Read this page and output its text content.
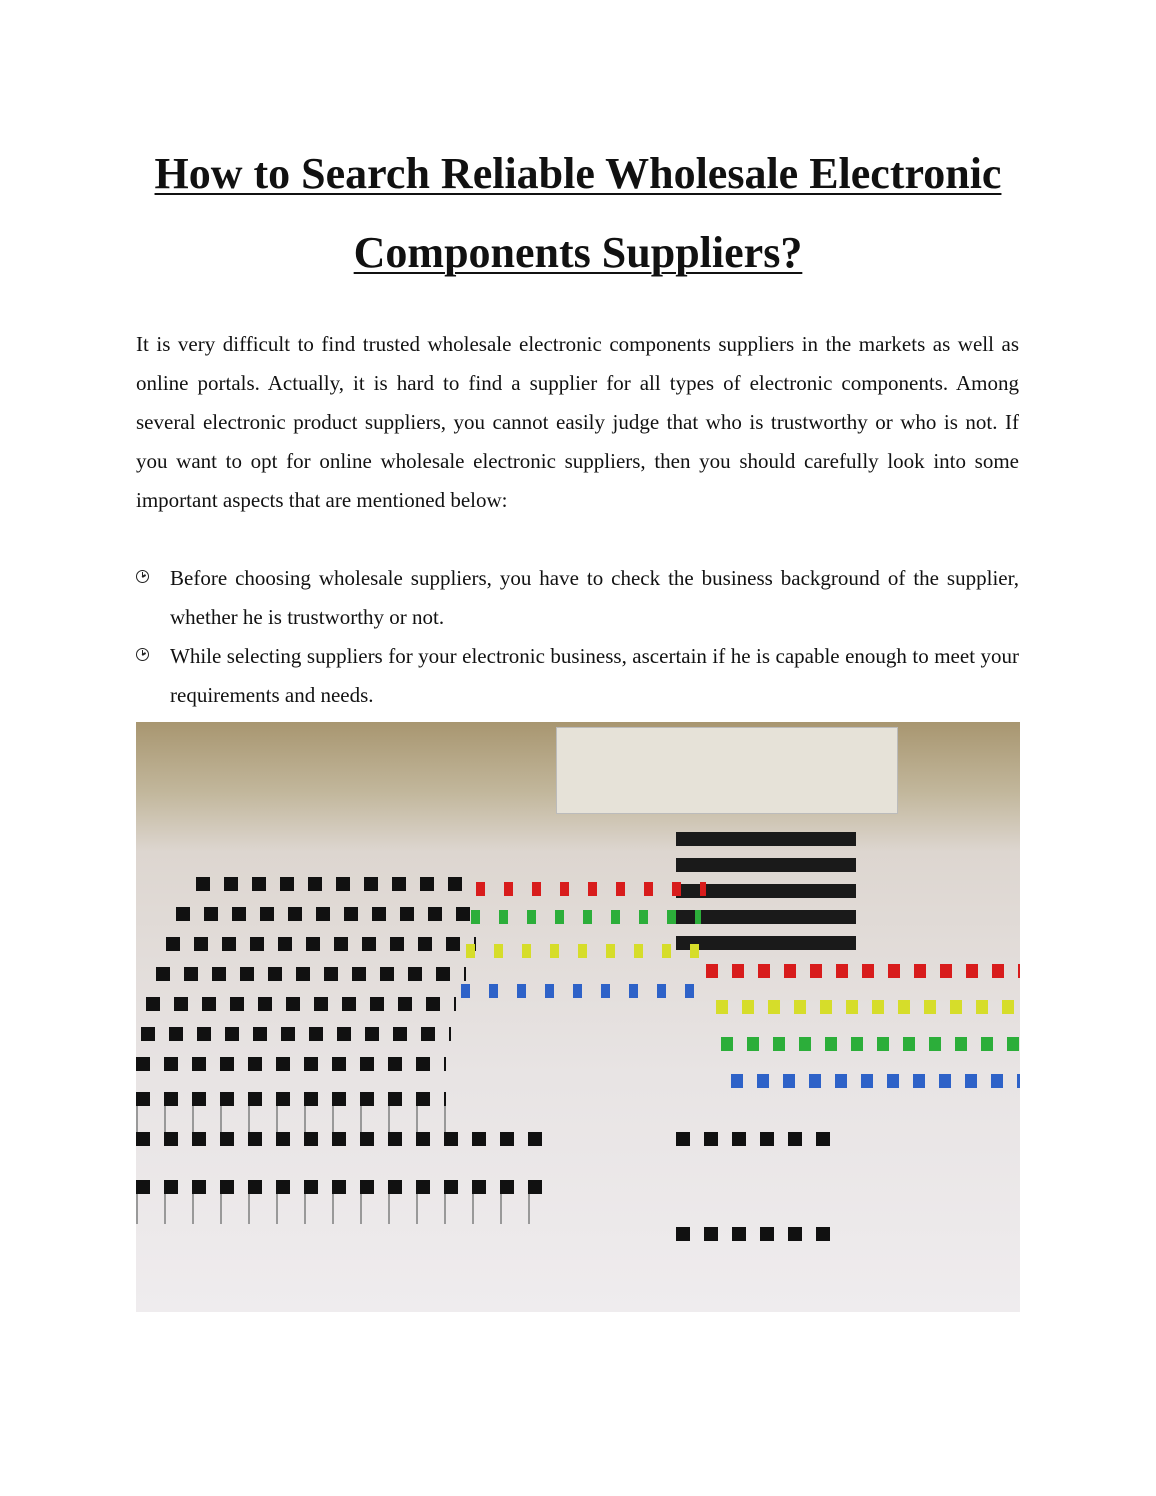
How to Search Reliable Wholesale Electronic
Components Suppliers?

It is very difficult to find trusted wholesale electronic components suppliers in the markets as well as online portals. Actually, it is hard to find a supplier for all types of electronic components. Among several electronic product suppliers, you cannot easily judge that who is trustworthy or who is not. If you want to opt for online wholesale electronic suppliers, then you should carefully look into some important aspects that are mentioned below:

Before choosing wholesale suppliers, you have to check the business background of the supplier, whether he is trustworthy or not.
While selecting suppliers for your electronic business, ascertain if he is capable enough to meet your requirements and needs.
